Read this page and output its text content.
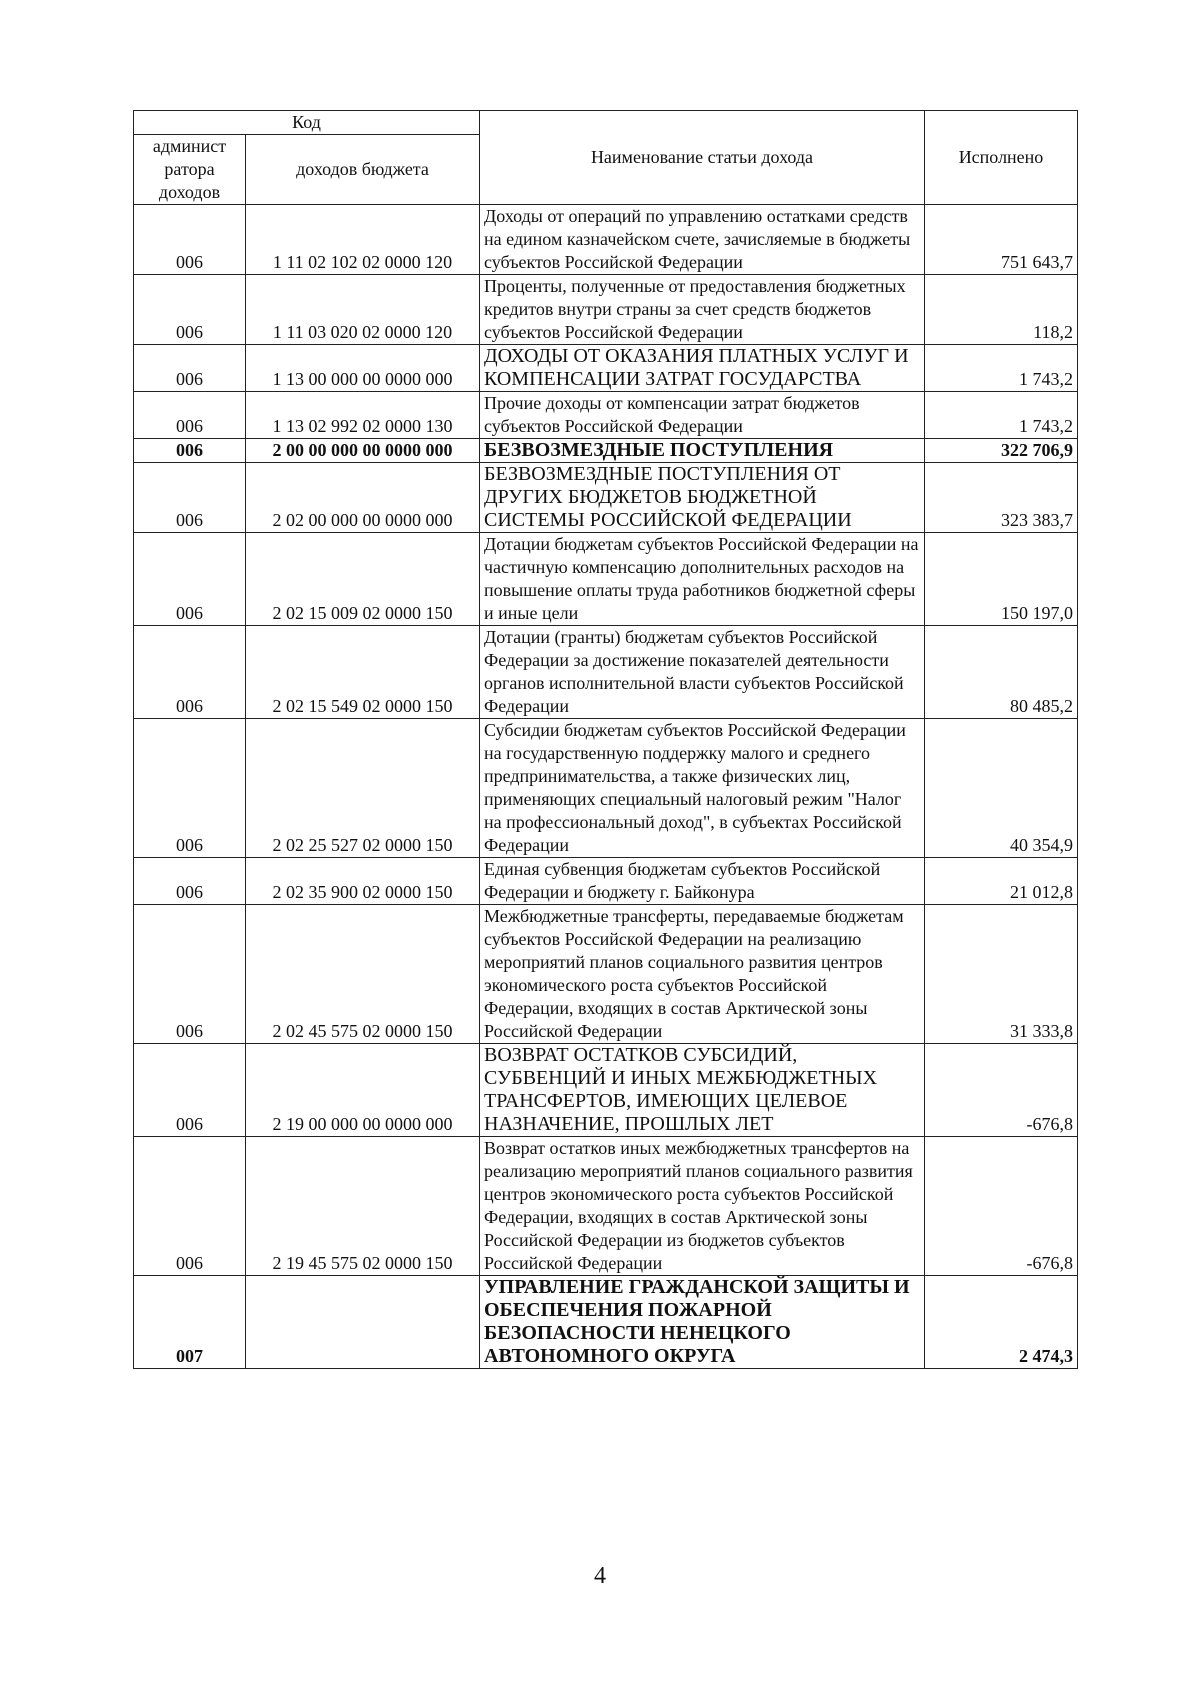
Код		Наименование статьи дохода	Исполнено

админист
ратора
доходов	доходов бюджета		
006	1 11 02 102 02 0000 120	Доходы от операций по управлению остатками средств на едином казначейском счете, зачисляемые в бюджеты субъектов Российской Федерации	751 643,7
006	1 11 03 020 02 0000 120	Проценты, полученные от предоставления бюджетных кредитов внутри страны за счет средств бюджетов субъектов Российской Федерации	118,2
006	1 13 00 000 00 0000 000	ДОХОДЫ ОТ ОКАЗАНИЯ ПЛАТНЫХ УСЛУГ И КОМПЕНСАЦИИ ЗАТРАТ ГОСУДАРСТВА	1 743,2
006	1 13 02 992 02 0000 130	Прочие доходы от компенсации затрат бюджетов субъектов Российской Федерации	1 743,2
006	2 00 00 000 00 0000 000	БЕЗВОЗМЕЗДНЫЕ ПОСТУПЛЕНИЯ	322 706,9
006	2 02 00 000 00 0000 000	БЕЗВОЗМЕЗДНЫЕ ПОСТУПЛЕНИЯ ОТ ДРУГИХ БЮДЖЕТОВ БЮДЖЕТНОЙ СИСТЕМЫ РОССИЙСКОЙ ФЕДЕРАЦИИ	323 383,7
006	2 02 15 009 02 0000 150	Дотации бюджетам субъектов Российской Федерации на частичную компенсацию дополнительных расходов на повышение оплаты труда работников бюджетной сферы и иные цели	150 197,0
006	2 02 15 549 02 0000 150	Дотации (гранты) бюджетам субъектов Российской Федерации за достижение показателей деятельности органов исполнительной власти субъектов Российской Федерации	80 485,2
006	2 02 25 527 02 0000 150	Субсидии бюджетам субъектов Российской Федерации на государственную поддержку малого и среднего предпринимательства, а также физических лиц, применяющих специальный налоговый режим "Налог на профессиональный доход", в субъектах Российской Федерации	40 354,9
006	2 02 35 900 02 0000 150	Единая субвенция бюджетам субъектов Российской Федерации и бюджету г. Байконура	21 012,8
006	2 02 45 575 02 0000 150	Межбюджетные трансферты, передаваемые бюджетам субъектов Российской Федерации на реализацию мероприятий планов социального развития центров экономического роста субъектов Российской Федерации, входящих в состав Арктической зоны Российской Федерации	31 333,8
006	2 19 00 000 00 0000 000	ВОЗВРАТ ОСТАТКОВ СУБСИДИЙ, СУБВЕНЦИЙ И ИНЫХ МЕЖБЮДЖЕТНЫХ ТРАНСФЕРТОВ, ИМЕЮЩИХ ЦЕЛЕВОЕ НАЗНАЧЕНИЕ, ПРОШЛЫХ ЛЕТ	-676,8
006	2 19 45 575 02 0000 150	Возврат остатков иных межбюджетных трансфертов на реализацию мероприятий планов социального развития центров экономического роста субъектов Российской Федерации, входящих в состав Арктической зоны Российской Федерации из бюджетов субъектов Российской Федерации	-676,8
007		УПРАВЛЕНИЕ ГРАЖДАНСКОЙ ЗАЩИТЫ И ОБЕСПЕЧЕНИЯ ПОЖАРНОЙ БЕЗОПАСНОСТИ НЕНЕЦКОГО АВТОНОМНОГО ОКРУГА	2 474,3
4
